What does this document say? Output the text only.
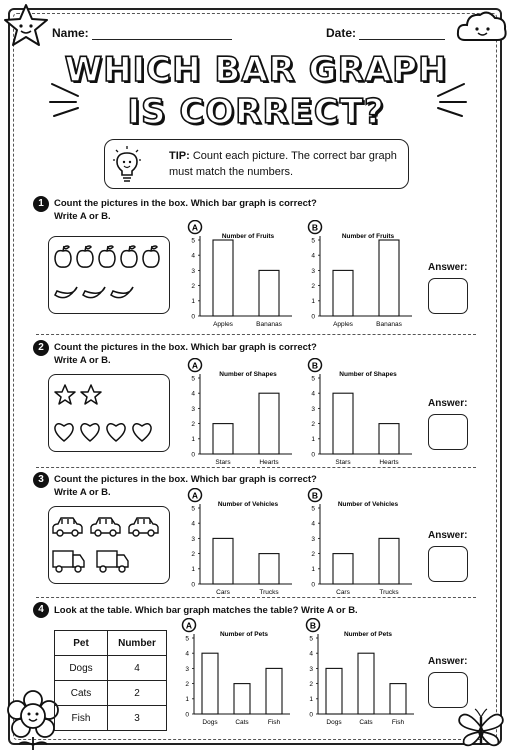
Name:	Date:
WHICH BAR GRAPH
IS CORRECT?
TIP: Count each picture. The correct bar graph must match the numbers.
1	Count the pictures in the box. Which bar graph is correct?
Write A or B.
A
Number of Fruits
0
1
2
3
4
5
Apples	Bananas
B
Number of Fruits
0
1
2
3
4
5
Apples	Bananas
Answer:
2	Count the pictures in the box. Which bar graph is correct?
Write A or B.	A
Number of Shapes
0
1
2
3
4
5
Stars	Hearts
B
Number of Shapes
0
1
2
3
4
5
Stars	Hearts
Answer:
3	Count the pictures in the box. Which bar graph is correct?
Write A or B.	A
Number of Vehicles
0
1
2
3
4
5
Cars	Trucks
B
Number of Vehicles
0
1
2
3
4
5
Cars	Trucks
Answer:
4	Look at the table. Which bar graph matches the table? Write A or B.
Pet	Number
Dogs	4
Cats	2
Fish	3
A
Number of Pets
0
1
2
3
4
5
Dogs	Cats	Fish
B
Number of Pets
0
1
2
3
4
5
Dogs	Cats	Fish
Answer:
